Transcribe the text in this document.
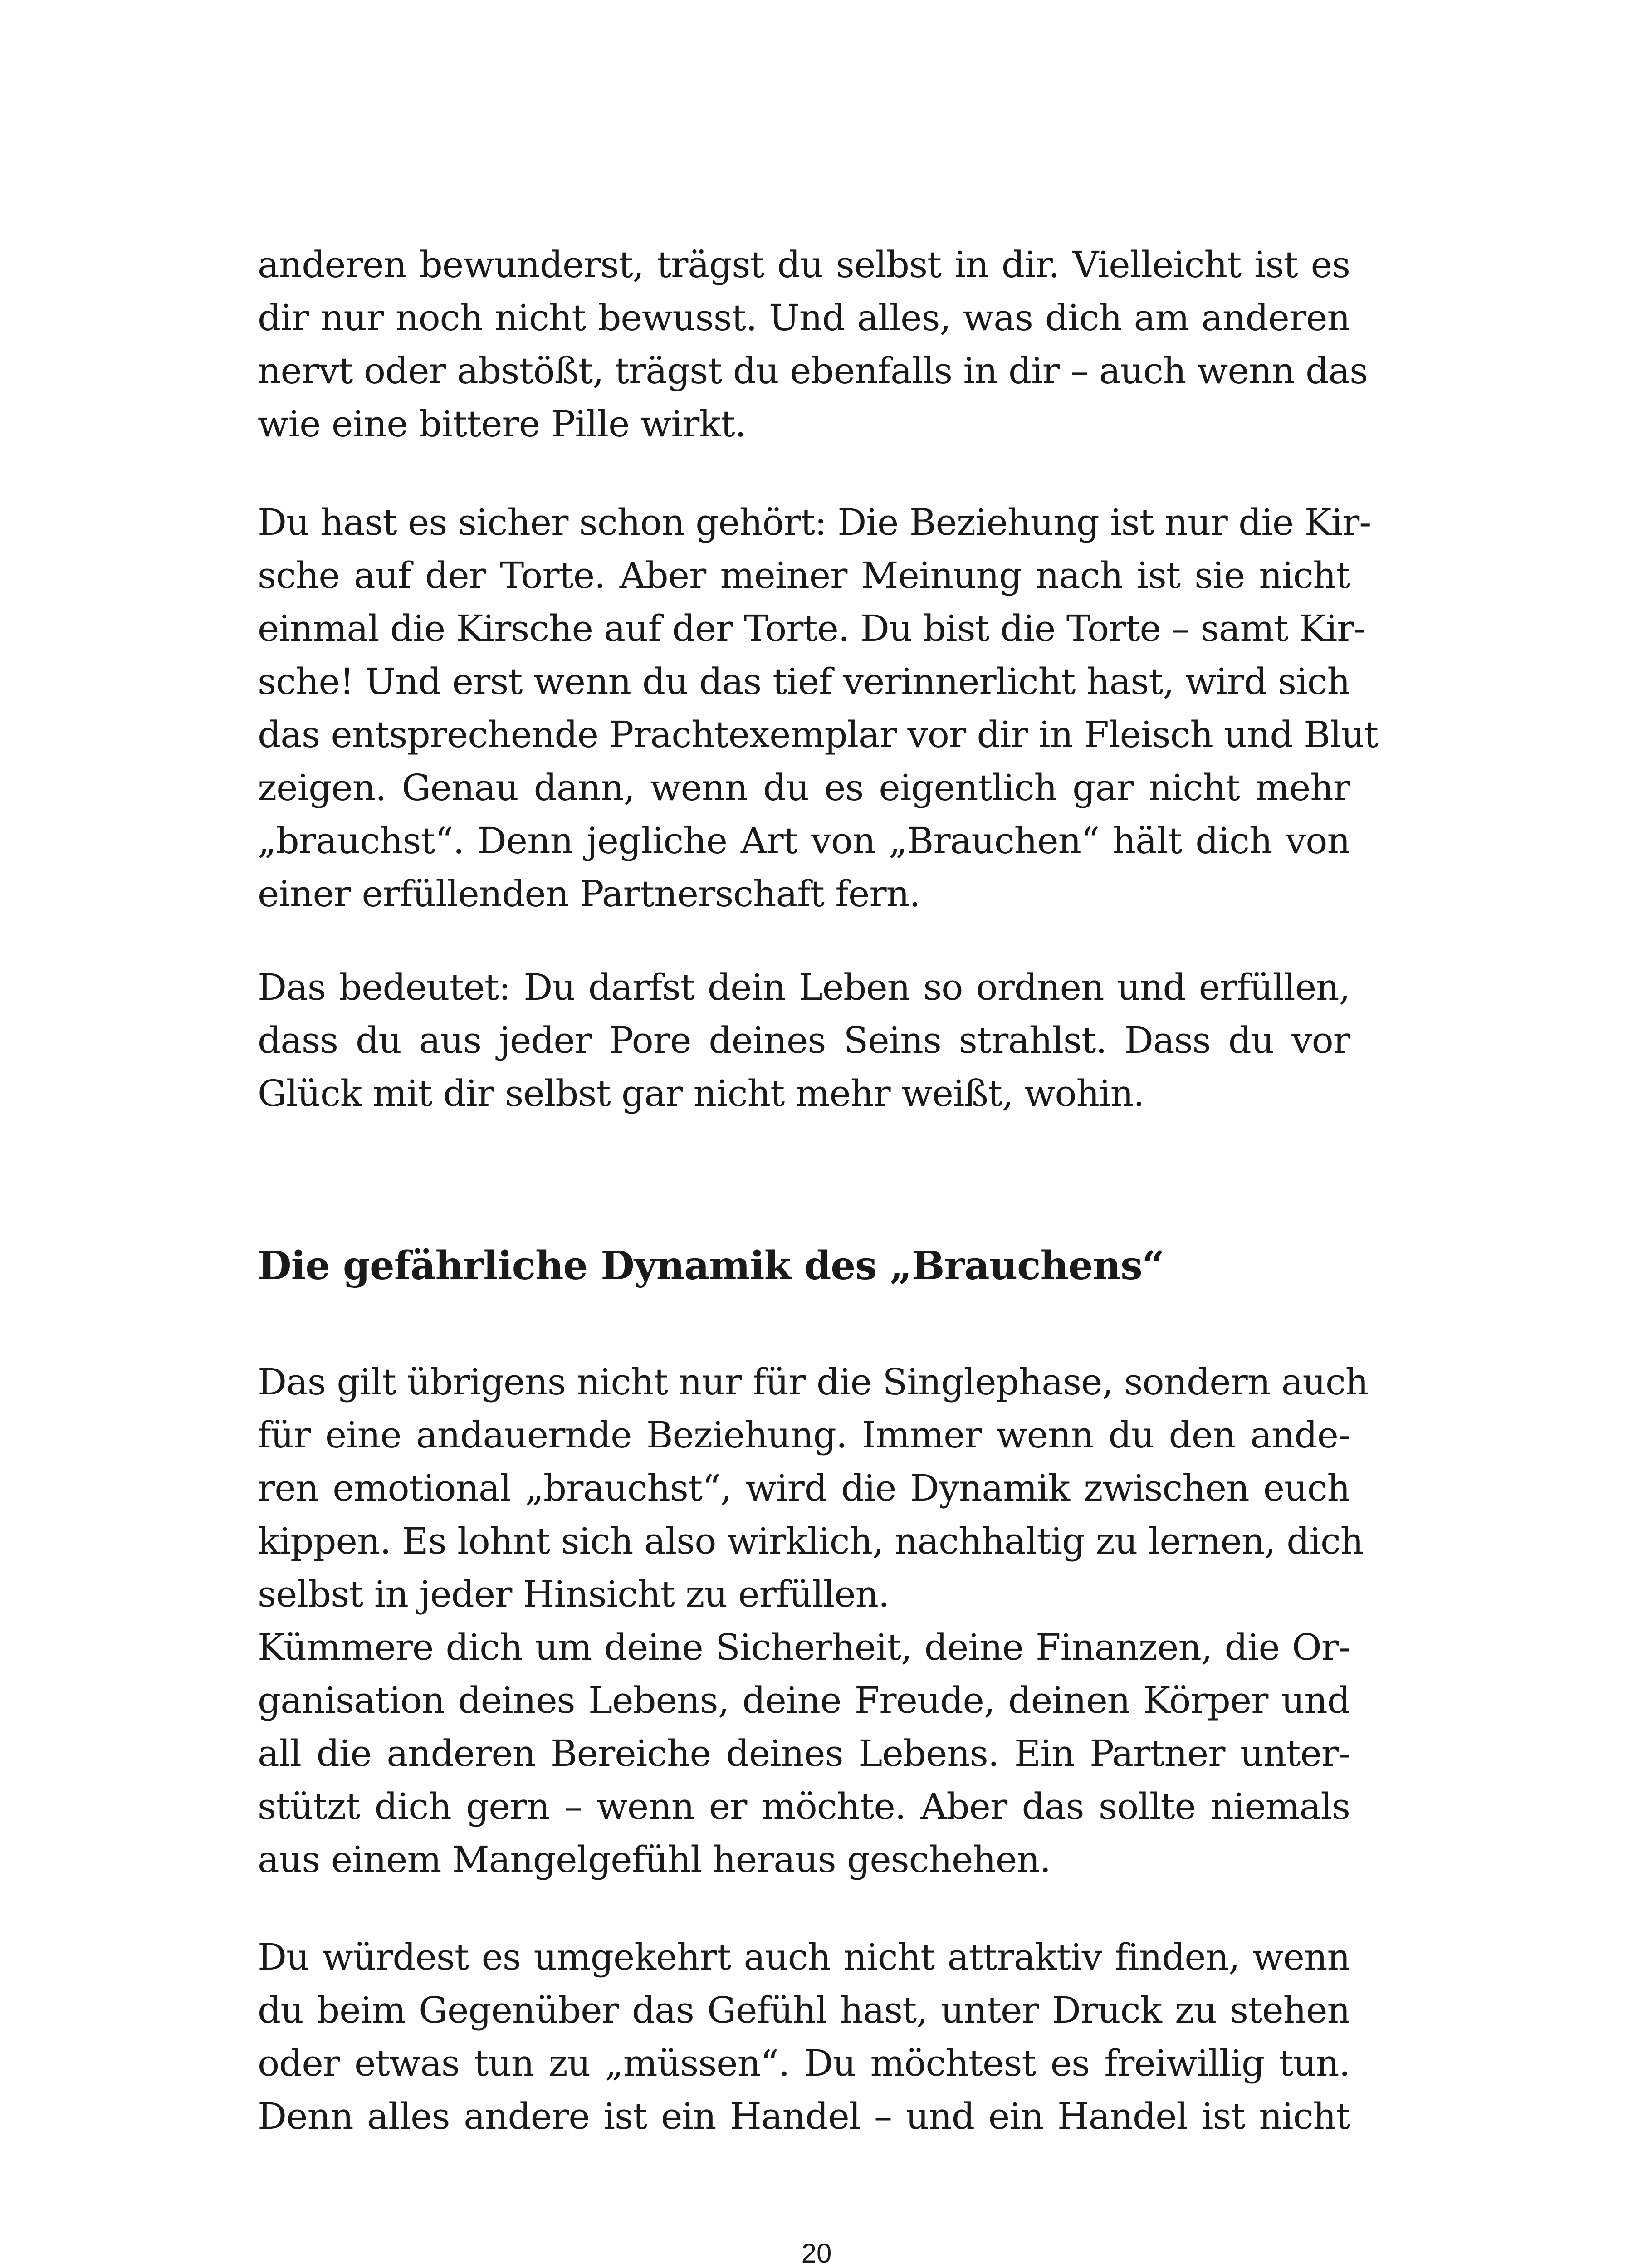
anderen bewunderst, trägst du selbst in dir. Vielleicht ist es
dir nur noch nicht bewusst. Und alles, was dich am anderen
nervt oder abstößt, trägst du ebenfalls in dir – auch wenn das
wie eine bittere Pille wirkt.

Du hast es sicher schon gehört: Die Beziehung ist nur die Kir-
sche auf der Torte. Aber meiner Meinung nach ist sie nicht
einmal die Kirsche auf der Torte. Du bist die Torte – samt Kir-
sche! Und erst wenn du das tief verinnerlicht hast, wird sich
das entsprechende Prachtexemplar vor dir in Fleisch und Blut
zeigen. Genau dann, wenn du es eigentlich gar nicht mehr
„brauchst“. Denn jegliche Art von „Brauchen“ hält dich von
einer erfüllenden Partnerschaft fern.

Das bedeutet: Du darfst dein Leben so ordnen und erfüllen,
dass du aus jeder Pore deines Seins strahlst. Dass du vor
Glück mit dir selbst gar nicht mehr weißt, wohin.

Die gefährliche Dynamik des „Brauchens“

Das gilt übrigens nicht nur für die Singlephase, sondern auch
für eine andauernde Beziehung. Immer wenn du den ande-
ren emotional „brauchst“, wird die Dynamik zwischen euch
kippen. Es lohnt sich also wirklich, nachhaltig zu lernen, dich
selbst in jeder Hinsicht zu erfüllen.

Kümmere dich um deine Sicherheit, deine Finanzen, die Or-
ganisation deines Lebens, deine Freude, deinen Körper und
all die anderen Bereiche deines Lebens. Ein Partner unter-
stützt dich gern – wenn er möchte. Aber das sollte niemals
aus einem Mangelgefühl heraus geschehen.

Du würdest es umgekehrt auch nicht attraktiv finden, wenn
du beim Gegenüber das Gefühl hast, unter Druck zu stehen
oder etwas tun zu „müssen“. Du möchtest es freiwillig tun.
Denn alles andere ist ein Handel – und ein Handel ist nicht

20
